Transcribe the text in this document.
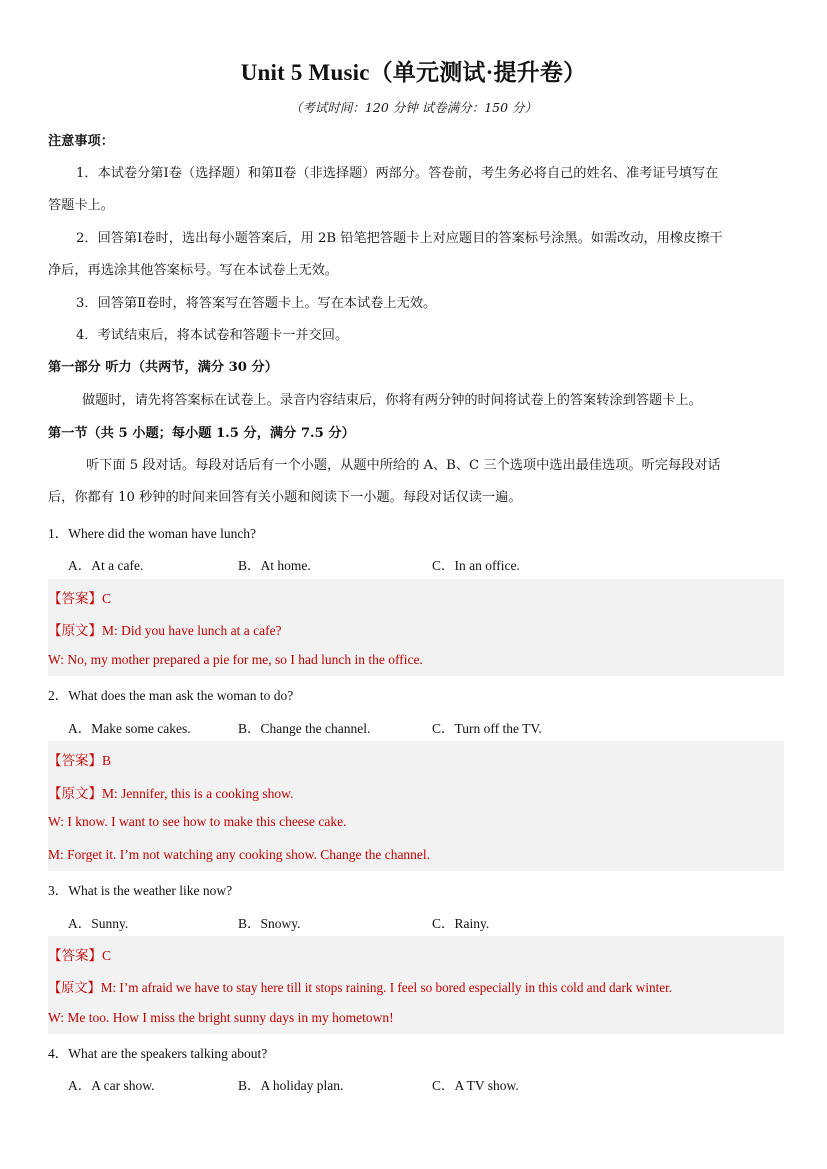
Unit 5 Music（单元测试·提升卷）
（考试时间：120 分钟 试卷满分：150 分）
注意事项：
1．本试卷分第Ⅰ卷（选择题）和第Ⅱ卷（非选择题）两部分。答卷前，考生务必将自己的姓名、准考证号填写在
答题卡上。
2．回答第Ⅰ卷时，选出每小题答案后，用 2B 铅笔把答题卡上对应题目的答案标号涂黑。如需改动，用橡皮擦干
净后，再选涂其他答案标号。写在本试卷上无效。
3．回答第Ⅱ卷时，将答案写在答题卡上。写在本试卷上无效。
4．考试结束后，将本试卷和答题卡一并交回。
第一部分 听力（共两节，满分 30 分）
做题时，请先将答案标在试卷上。录音内容结束后，你将有两分钟的时间将试卷上的答案转涂到答题卡上。
第一节（共 5 小题；每小题 1.5 分，满分 7.5 分）
听下面 5 段对话。每段对话后有一个小题，从题中所给的 A、B、C 三个选项中选出最佳选项。听完每段对话
后，你都有 10 秒钟的时间来回答有关小题和阅读下一小题。每段对话仅读一遍。
1．Where did the woman have lunch?
A．At a cafe.	B．At home.	C．In an office.
【答案】C
【原文】M: Did you have lunch at a cafe?
W: No, my mother prepared a pie for me, so I had lunch in the office.
2．What does the man ask the woman to do?
A．Make some cakes.	B．Change the channel.	C．Turn off the TV.
【答案】B
【原文】M: Jennifer, this is a cooking show.
W: I know. I want to see how to make this cheese cake.
M: Forget it. I’m not watching any cooking show. Change the channel.
3．What is the weather like now?
A．Sunny.	B．Snowy.	C．Rainy.
【答案】C
【原文】M: I’m afraid we have to stay here till it stops raining. I feel so bored especially in this cold and dark winter.
W: Me too. How I miss the bright sunny days in my hometown!
4．What are the speakers talking about?
A．A car show.	B．A holiday plan.	C．A TV show.
